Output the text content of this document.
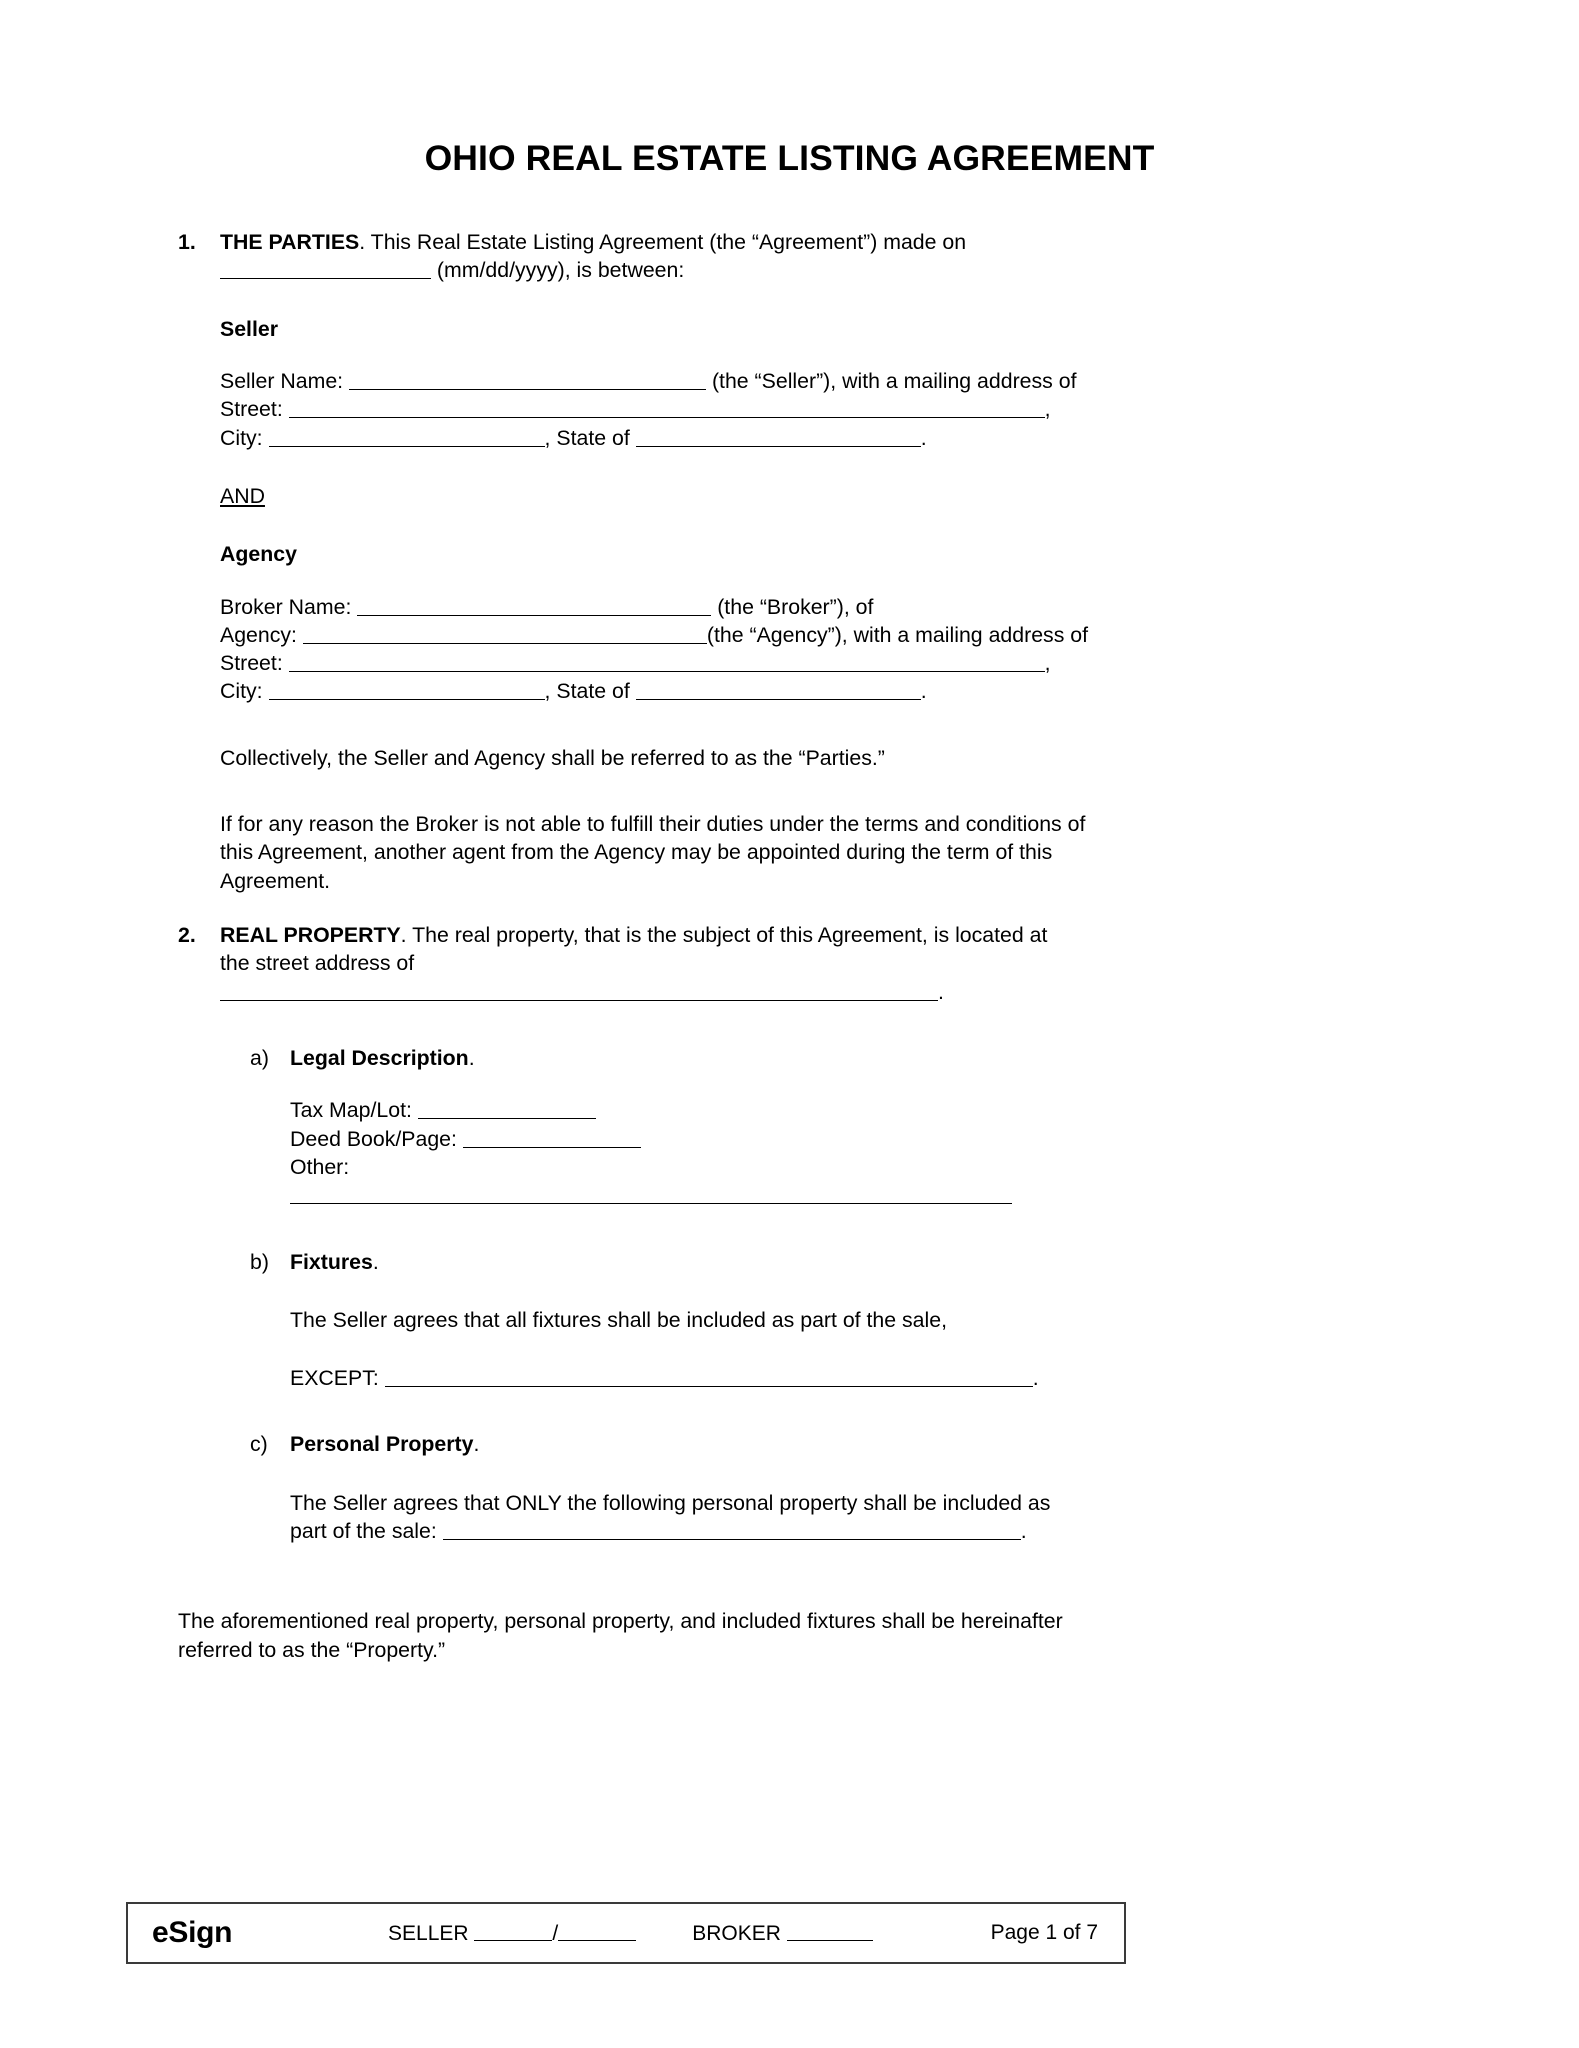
OHIO REAL ESTATE LISTING AGREEMENT
1.	THE PARTIES. This Real Estate Listing Agreement (the “Agreement”) made on

(mm/dd/yyyy), is between:

Seller

Seller Name:	(the “Seller”), with a mailing address of

Street:	,

City:	, State of	.

AND

Agency

Broker Name:	(the “Broker”), of

Agency:	(the “Agency”), with a mailing address of

Street:	,

City:	, State of	.

Collectively, the Seller and Agency shall be referred to as the “Parties.”

If for any reason the Broker is not able to fulfill their duties under the terms and conditions of this Agreement, another agent from the Agency may be appointed during the term of this Agreement.

2.	REAL PROPERTY. The real property, that is the subject of this Agreement, is located at the street address of .

a) Legal Description.

Tax Map/Lot:

Deed Book/Page:

Other:

b) Fixtures.

The Seller agrees that all fixtures shall be included as part of the sale,

EXCEPT:	.

c)	Personal Property.

The Seller agrees that ONLY the following personal property shall be included as part of the sale:	.

The aforementioned real property, personal property, and included fixtures shall be hereinafter referred to as the “Property.”

eSign	SELLER	/	BROKER	Page 1 of 7
